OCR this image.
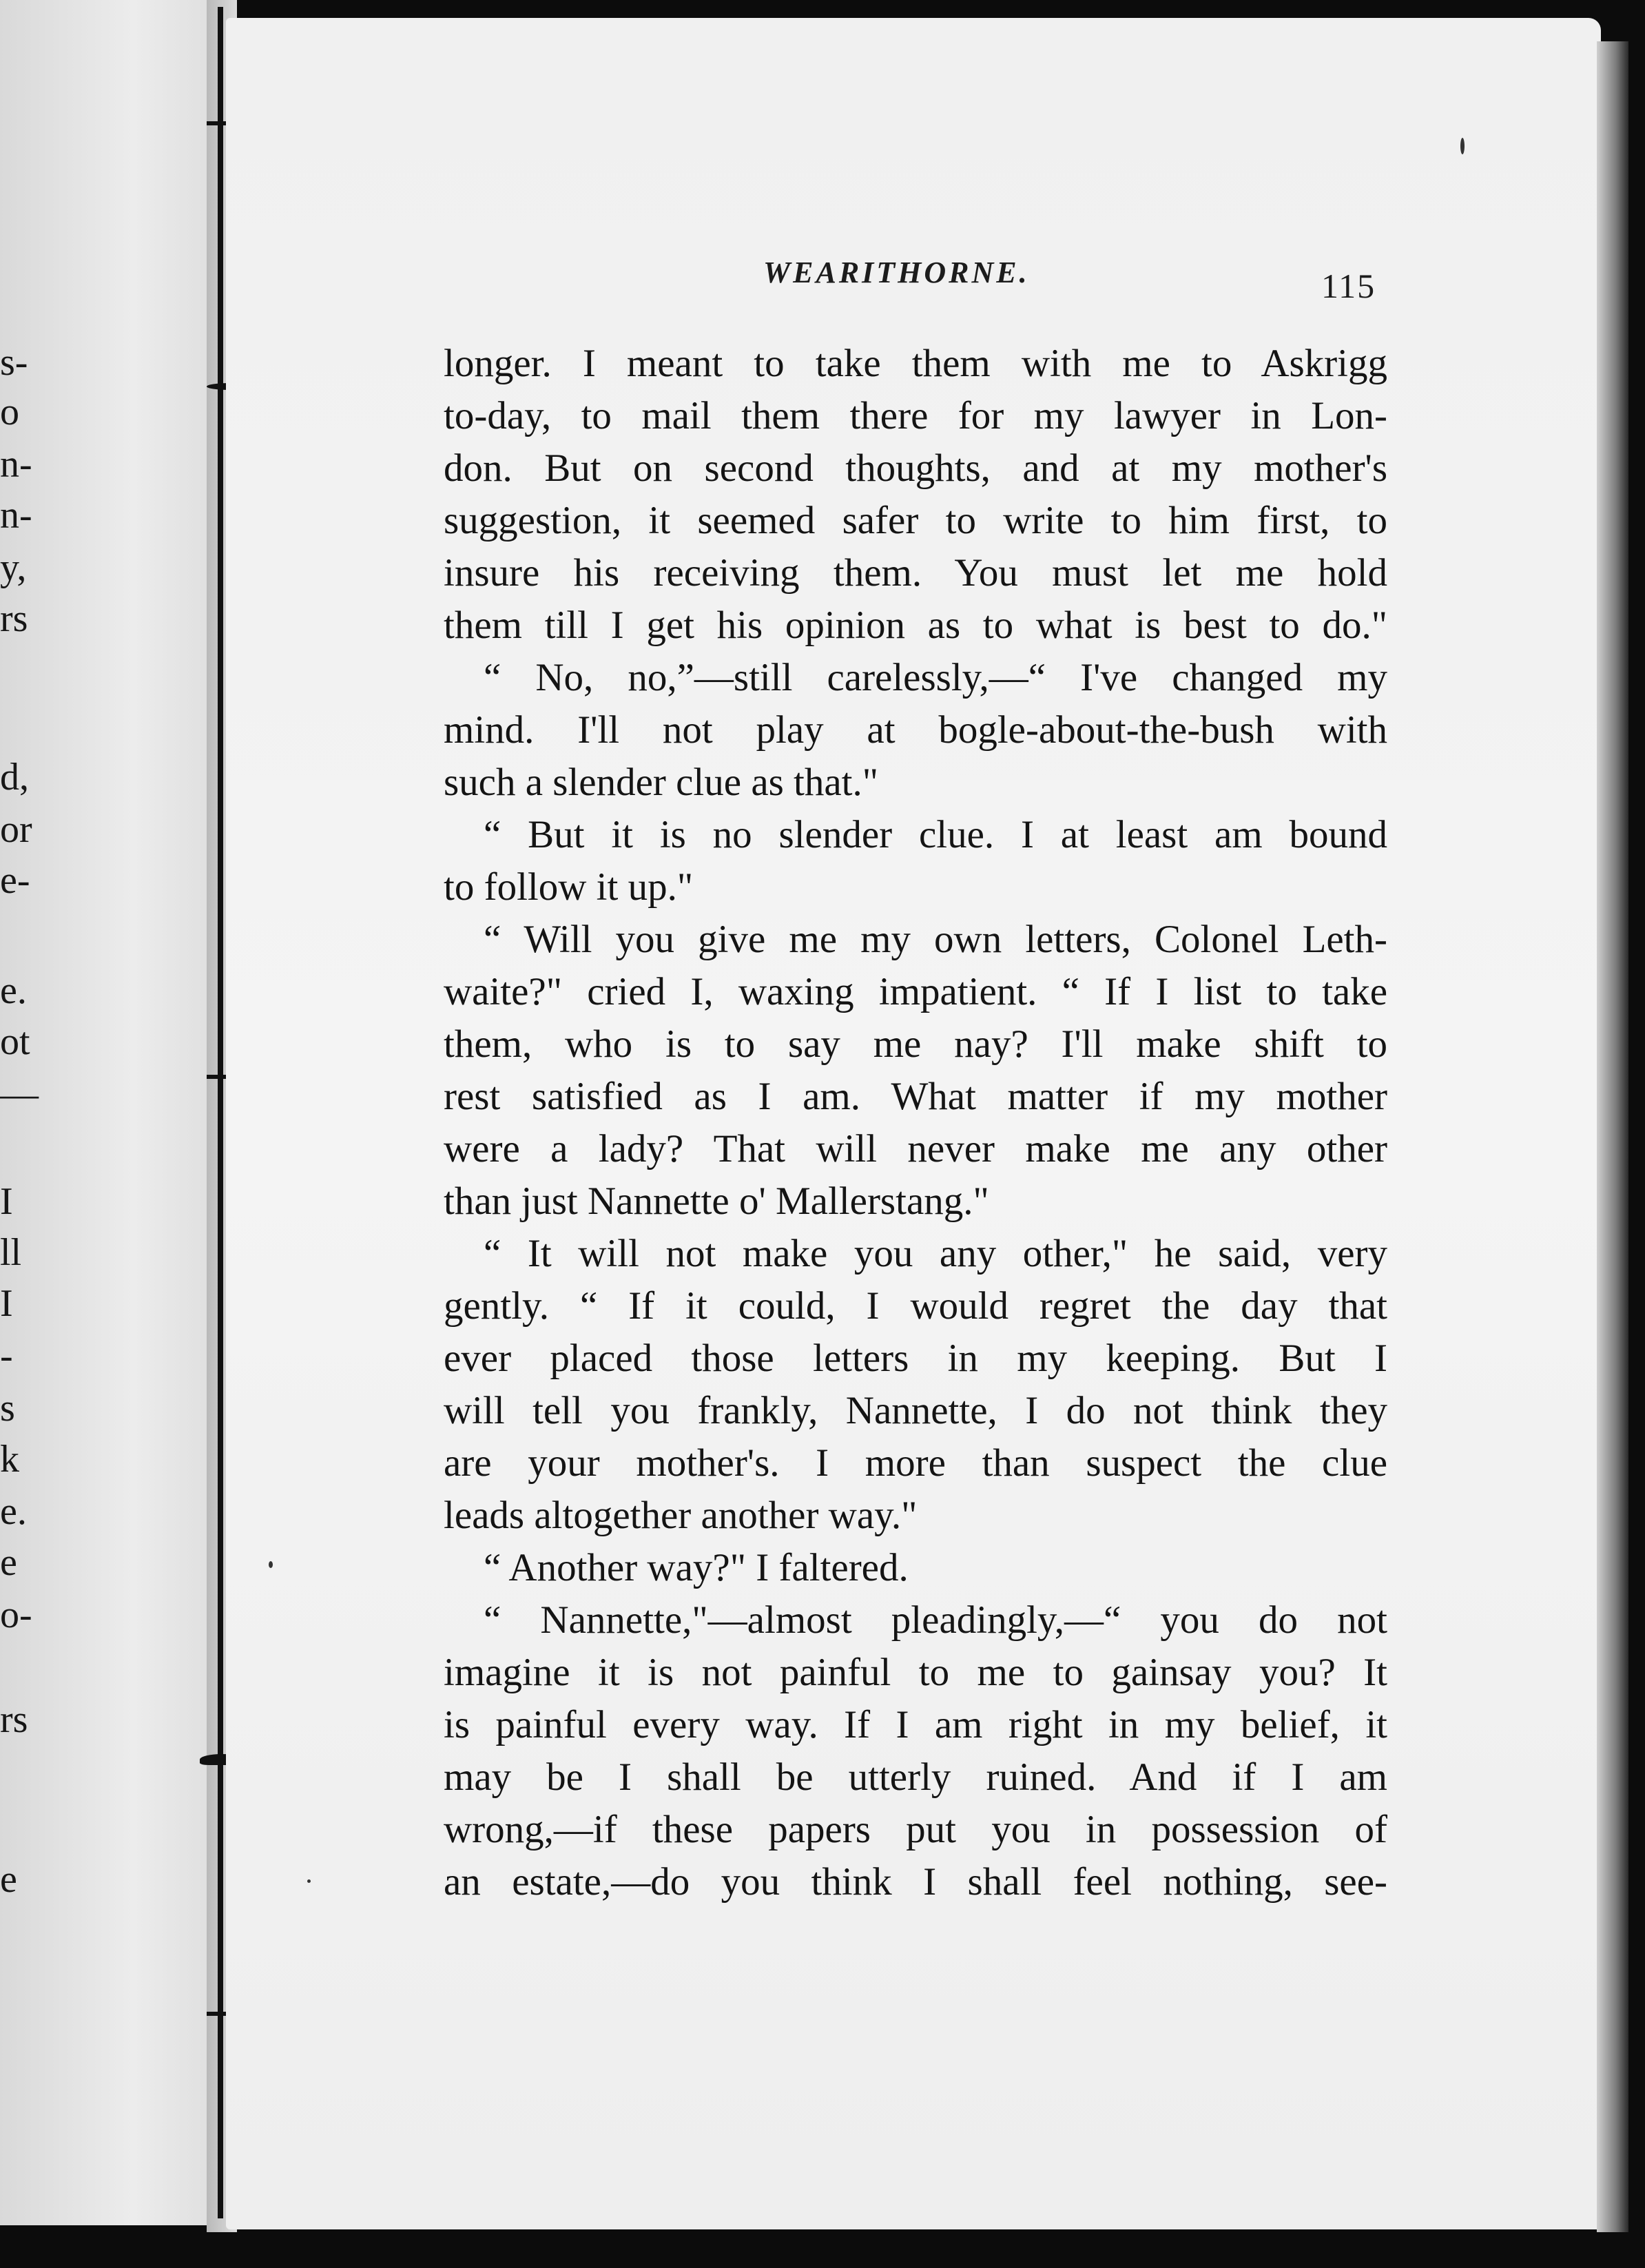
s-

o

n-

n-

y,

rs

d,

or

e-

e.

ot

—

I

ll

I

-

s

k

e.

e

o-

rs

e

WEARITHORNE.	115

longer. I meant to take them with me to Askrigg
to-day, to mail them there for my lawyer in Lon-
don. But on second thoughts, and at my mother's
suggestion, it seemed safer to write to him first, to
insure his receiving them. You must let me hold
them till I get his opinion as to what is best to do."
“ No, no,”—still carelessly,—“ I've changed my
mind. I'll not play at bogle-about-the-bush with
such a slender clue as that."
“ But it is no slender clue. I at least am bound
to follow it up."
“ Will you give me my own letters, Colonel Leth-
waite?" cried I, waxing impatient. “ If I list to take
them, who is to say me nay? I'll make shift to
rest satisfied as I am. What matter if my mother
were a lady? That will never make me any other
than just Nannette o' Mallerstang."
“ It will not make you any other," he said, very
gently. “ If it could, I would regret the day that
ever placed those letters in my keeping. But I
will tell you frankly, Nannette, I do not think they
are your mother's. I more than suspect the clue
leads altogether another way."
“ Another way?" I faltered.
“ Nannette,"—almost pleadingly,—“ you do not
imagine it is not painful to me to gainsay you? It
is painful every way. If I am right in my belief, it
may be I shall be utterly ruined. And if I am
wrong,—if these papers put you in possession of
an estate,—do you think I shall feel nothing, see-
